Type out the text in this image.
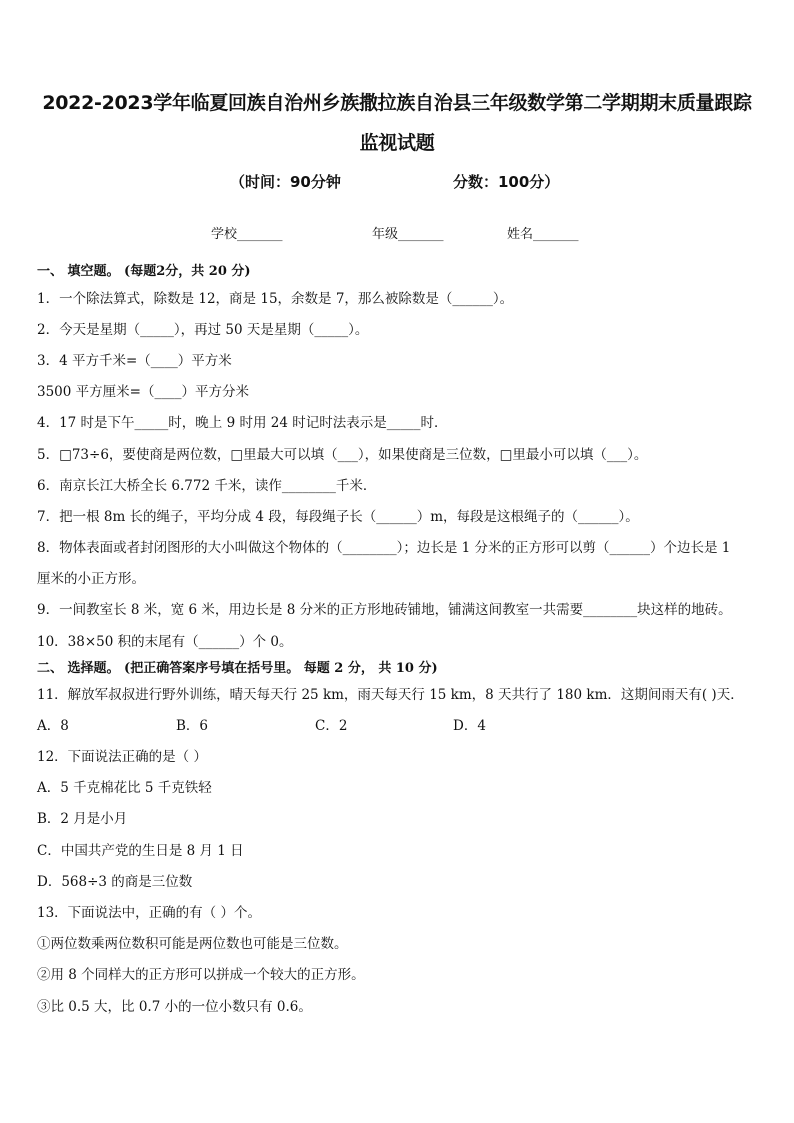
2022-2023学年临夏回族自治州乡族撒拉族自治县三年级数学第二学期期末质量跟踪
监视试题
（时间：90分钟	分数：100分）
学校_______	年级_______	姓名_______
一、 填空题。 (每题2分，共 20 分)
1．一个除法算式，除数是 12，商是 15，余数是 7，那么被除数是（______）。
2．今天是星期（_____），再过 50 天是星期（_____）。
3．4 平方千米=（____）平方米
3500 平方厘米=（____）平方分米
4．17 时是下午_____时，晚上 9 时用 24 时记时法表示是_____时．
5．□73÷6，要使商是两位数，□里最大可以填（___），如果使商是三位数，□里最小可以填（___）。
6．南京长江大桥全长 6.772 千米，读作________千米．
7．把一根 8m 长的绳子，平均分成 4 段，每段绳子长（______）m，每段是这根绳子的（______）。
8．物体表面或者封闭图形的大小叫做这个物体的（________）；边长是 1 分米的正方形可以剪（______）个边长是 1
厘米的小正方形。
9．一间教室长 8 米，宽 6 米，用边长是 8 分米的正方形地砖铺地，铺满这间教室一共需要________块这样的地砖。
10．38×50 积的末尾有（______）个 0。
二、 选择题。 (把正确答案序号填在括号里。 每题 2 分， 共 10 分)
11．解放军叔叔进行野外训练，晴天每天行 25 km，雨天每天行 15 km，8 天共行了 180 km．这期间雨天有( )天．
A．8	B．6	C．2	D．4
12．下面说法正确的是（ ）
A．5 千克棉花比 5 千克铁轻
B．2 月是小月
C．中国共产党的生日是 8 月 1 日
D．568÷3 的商是三位数
13．下面说法中，正确的有（ ）个。
①两位数乘两位数积可能是两位数也可能是三位数。
②用 8 个同样大的正方形可以拼成一个较大的正方形。
③比 0.5 大，比 0.7 小的一位小数只有 0.6。
